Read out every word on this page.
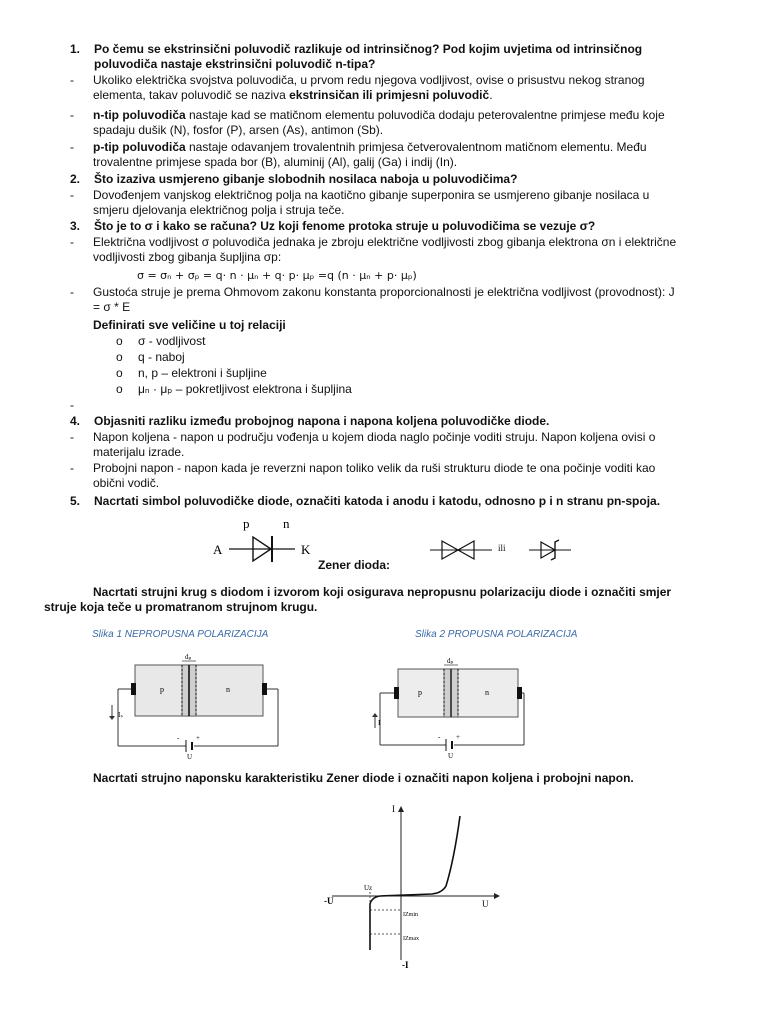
1.	Po čemu se ekstrinsični poluvodič razlikuje od intrinsičnog? Pod kojim uvjetima od intrinsičnog
poluvodiča nastaje ekstrinsični poluvodič n-tipa?
- Ukoliko električka svojstva poluvodiča, u prvom redu njegova vodljivost, ovise o prisustvu nekog stranog
elementa, takav poluvodič se naziva ekstrinsičan ili primjesni poluvodič.
- n-tip poluvodiča nastaje kad se matičnom elementu poluvodiča dodaju peterovalentne primjese među koje
spadaju dušik (N), fosfor (P), arsen (As), antimon (Sb).
- p-tip poluvodiča nastaje odavanjem trovalentnih primjesa četverovalentnom matičnom elementu. Među
trovalentne primjese spada bor (B), aluminij (Al), galij (Ga) i indij (In).
2.	Što izaziva usmjereno gibanje slobodnih nosilaca naboja u poluvodičima?
- Dovođenjem vanjskog električnog polja na kaotično gibanje superponira se usmjereno gibanje nosilaca u
smjeru djelovanja električnog polja i struja teče.
3.	Što je to σ i kako se računa? Uz koji fenome protoka struje u poluvodičima se vezuje σ?
- Električna vodljivost σ poluvodiča jednaka je zbroju električne vodljivosti zbog gibanja elektrona σn i električne
vodljivosti zbog gibanja šupljina σp:
σ = σₙ + σₚ = q· n · μₙ + q· p· μₚ =q (n · μₙ + p· μₚ)
- Gustoća struje je prema Ohmovom zakonu konstanta proporcionalnosti je električna vodljivost (provodnost): J
= σ * E
Definirati sve veličine u toj relaciji
o σ - vodljivost
o q - naboj
o n, p – elektroni i šupljine
o μₙ · μₚ – pokretljivost elektrona i šupljina
-
4.	Objasniti razliku između probojnog napona i napona koljena poluvodičke diode.
- Napon koljena - napon u području vođenja u kojem dioda naglo počinje voditi struju. Napon koljena ovisi o
materijalu izrade.
- Probojni napon - napon kada je reverzni napon toliko velik da ruši strukturu diode te ona počinje voditi kao
obični vodič.
5.	Nacrtati simbol poluvodičke diode, označiti katoda i anodu i katodu, odnosno p i n stranu pn-spoja.
p	n
A	K
Zener dioda:
ili
Nacrtati strujni krug s diodom i izvorom koji osigurava nepropusnu polarizaciju diode i označiti smjer
struje koja teče u promatranom strujnom krugu.
Slika 1 NEPROPUSNA POLARIZACIJA	Slika 2 PROPUSNA POLARIZACIJA
p	n
dₚ
- +
U
Iₛ
p	n
dₚ
- +
U
I
Nacrtati strujno naponsku karakteristiku Zener diode i označiti napon koljena i probojni napon.
I
-I
U
-U
Uz
IZmin
IZmax
